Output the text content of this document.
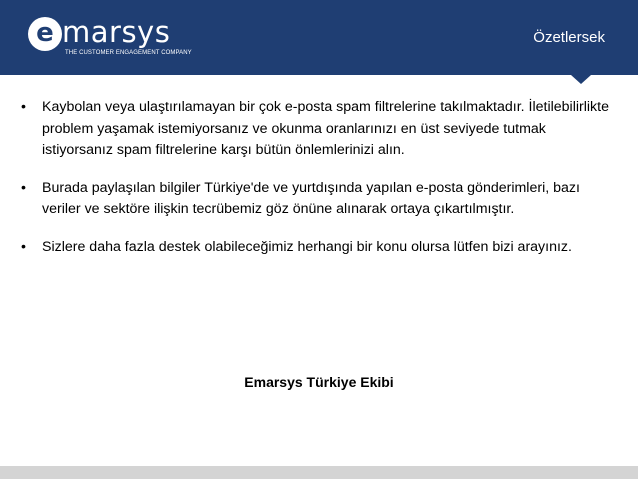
e marsys
THE CUSTOMER ENGAGEMENT COMPANY
Özetlersek
• Kaybolan veya ulaştırılamayan bir çok e-posta spam filtrelerine takılmaktadır. İletilebilirlikte problem yaşamak istemiyorsanız ve okunma oranlarınızı en üst seviyede tutmak istiyorsanız spam filtrelerine karşı bütün önlemlerinizi alın.
• Burada paylaşılan bilgiler Türkiye'de ve yurtdışında yapılan e-posta gönderimleri, bazı veriler ve sektöre ilişkin tecrübemiz göz önüne alınarak ortaya çıkartılmıştır.
• Sizlere daha fazla destek olabileceğimiz herhangi bir konu olursa lütfen bizi arayınız.
Emarsys Türkiye Ekibi
